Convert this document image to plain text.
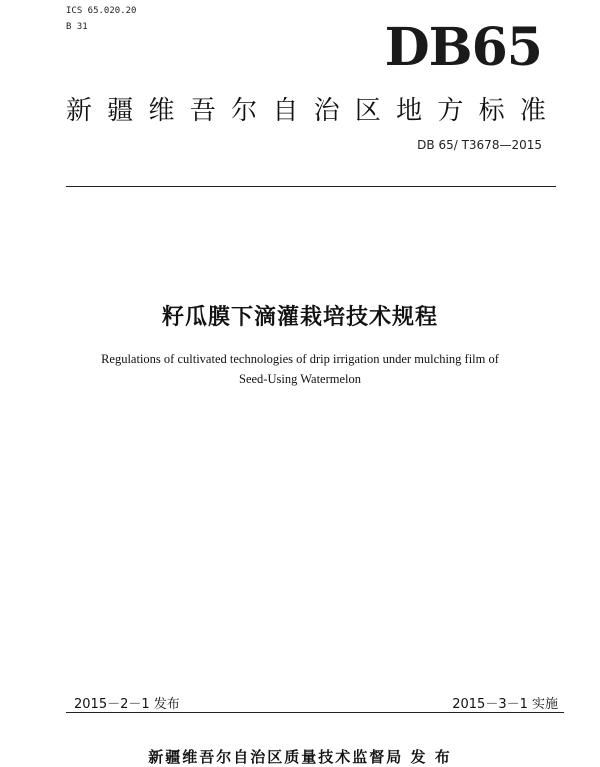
ICS 65.020.20
B 31	DB65
新 疆 维 吾 尔 自 治 区 地 方 标 准
DB 65/ T3678—2015
籽瓜膜下滴灌栽培技术规程
Regulations of cultivated technologies of drip irrigation under mulching film of
Seed-Using Watermelon
2015－2－1 发布	2015－3－1 实施
新疆维吾尔自治区质量技术监督局 发 布
